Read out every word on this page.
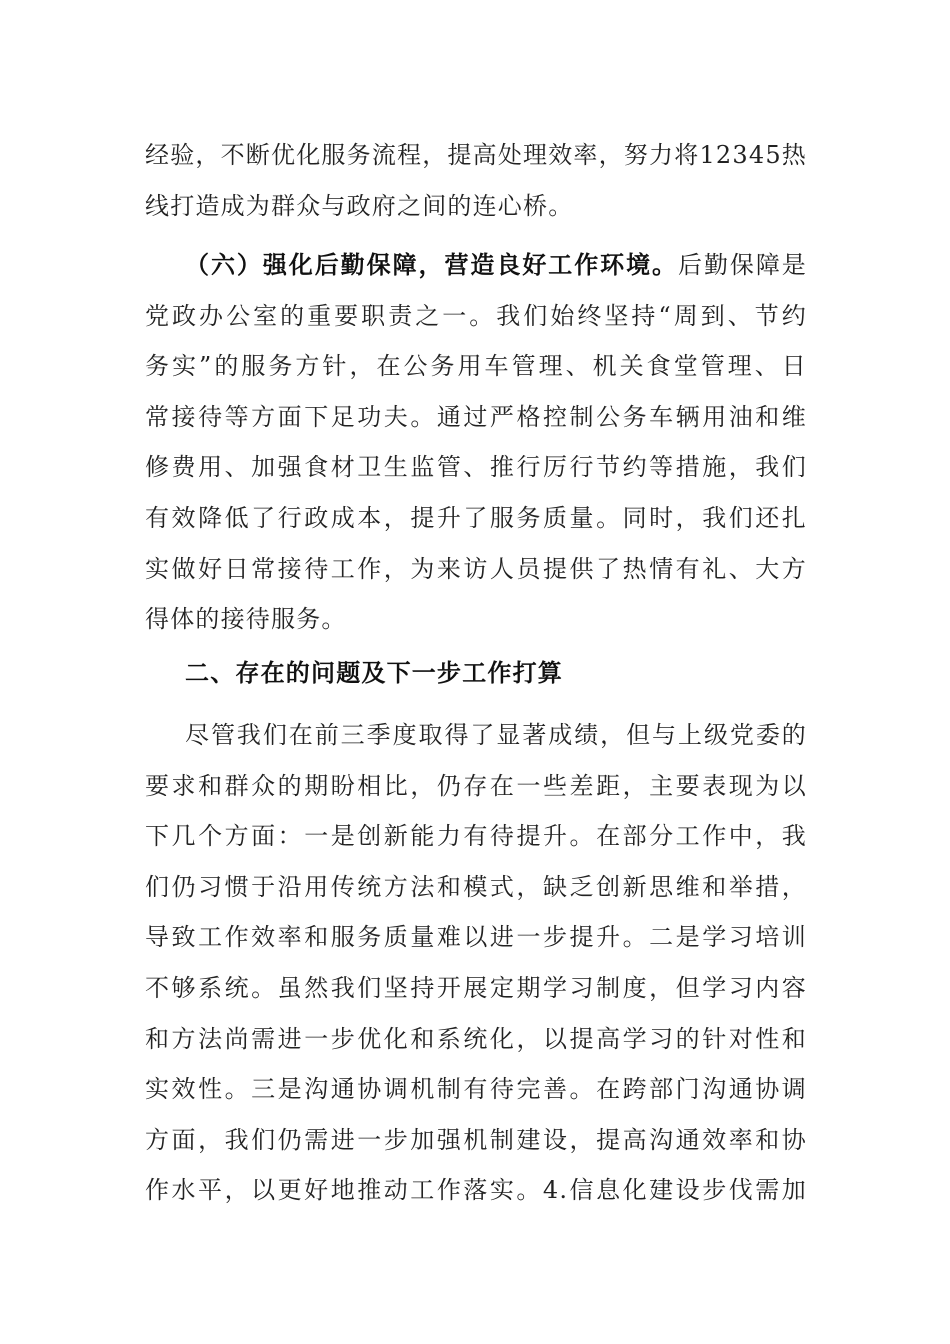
经验，不断优化服务流程，提高处理效率，努力将12345热
线打造成为群众与政府之间的连心桥。
（六）强化后勤保障，营造良好工作环境。后勤保障是
党政办公室的重要职责之一。我们始终坚持“周到、节约
务实”的服务方针，在公务用车管理、机关食堂管理、日
常接待等方面下足功夫。通过严格控制公务车辆用油和维
修费用、加强食材卫生监管、推行厉行节约等措施，我们
有效降低了行政成本，提升了服务质量。同时，我们还扎
实做好日常接待工作，为来访人员提供了热情有礼、大方
得体的接待服务。
二、存在的问题及下一步工作打算
尽管我们在前三季度取得了显著成绩，但与上级党委的
要求和群众的期盼相比，仍存在一些差距，主要表现为以
下几个方面：一是创新能力有待提升。在部分工作中，我
们仍习惯于沿用传统方法和模式，缺乏创新思维和举措，
导致工作效率和服务质量难以进一步提升。二是学习培训
不够系统。虽然我们坚持开展定期学习制度，但学习内容
和方法尚需进一步优化和系统化，以提高学习的针对性和
实效性。三是沟通协调机制有待完善。在跨部门沟通协调
方面，我们仍需进一步加强机制建设，提高沟通效率和协
作水平，以更好地推动工作落实。4.信息化建设步伐需加
